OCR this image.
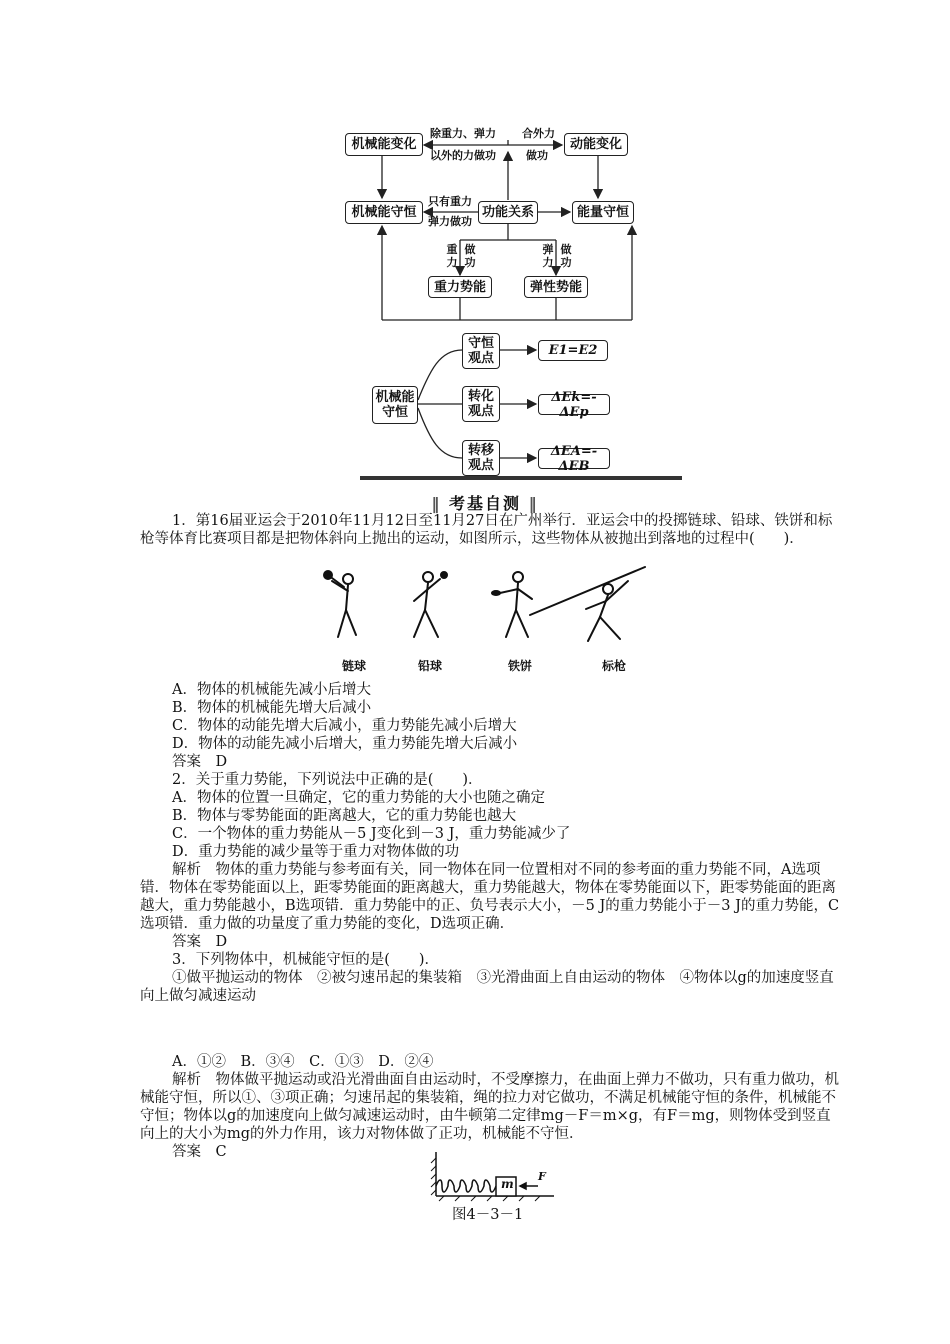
机械能变化	动能变化
机械能守恒	功能关系	能量守恒
重力势能	弹性势能
除重力、弹力
以外的力做功
合外力
做功
只有重力
弹力做功
重
力
做
功
弹
力
做
功
机械能
守恒
守恒
观点
转化
观点
转移
观点
E1=E2
ΔEk=-ΔEp
ΔEA=-ΔEB
‖ 考基自测 ‖
1．第16届亚运会于2010年11月12日至11月27日在广州举行．亚运会中的投掷链球、铅球、铁饼和标枪等体育比赛项目都是把物体斜向上抛出的运动，如图所示，这些物体从被抛出到落地的过程中(　　)．
链球	铅球	铁饼	标枪
A．物体的机械能先减小后增大
B．物体的机械能先增大后减小
C．物体的动能先增大后减小，重力势能先减小后增大
D．物体的动能先减小后增大，重力势能先增大后减小
答案　D
2．关于重力势能，下列说法中正确的是(　　)．
A．物体的位置一旦确定，它的重力势能的大小也随之确定
B．物体与零势能面的距离越大，它的重力势能也越大
C．一个物体的重力势能从－5 J变化到－3 J，重力势能减少了
D．重力势能的减少量等于重力对物体做的功
解析　物体的重力势能与参考面有关，同一物体在同一位置相对不同的参考面的重力势能不同，A选项错．物体在零势能面以上，距零势能面的距离越大，重力势能越大，物体在零势能面以下，距零势能面的距离越大，重力势能越小，B选项错．重力势能中的正、负号表示大小，－5 J的重力势能小于－3 J的重力势能，C选项错．重力做的功量度了重力势能的变化，D选项正确．
答案　D
3．下列物体中，机械能守恒的是(　　)．
①做平抛运动的物体　②被匀速吊起的集装箱　③光滑曲面上自由运动的物体　④物体以g的加速度竖直向上做匀减速运动
A．①②　B．③④　C．①③　D．②④
解析　物体做平抛运动或沿光滑曲面自由运动时，不受摩擦力，在曲面上弹力不做功，只有重力做功，机械能守恒，所以①、③项正确；匀速吊起的集装箱，绳的拉力对它做功，不满足机械能守恒的条件，机械能不守恒；物体以g的加速度向上做匀减速运动时，由牛顿第二定律mg－F＝m×g，有F＝mg，则物体受到竖直向上的大小为mg的外力作用，该力对物体做了正功，机械能不守恒．
答案　C
m
F
图4－3－1
